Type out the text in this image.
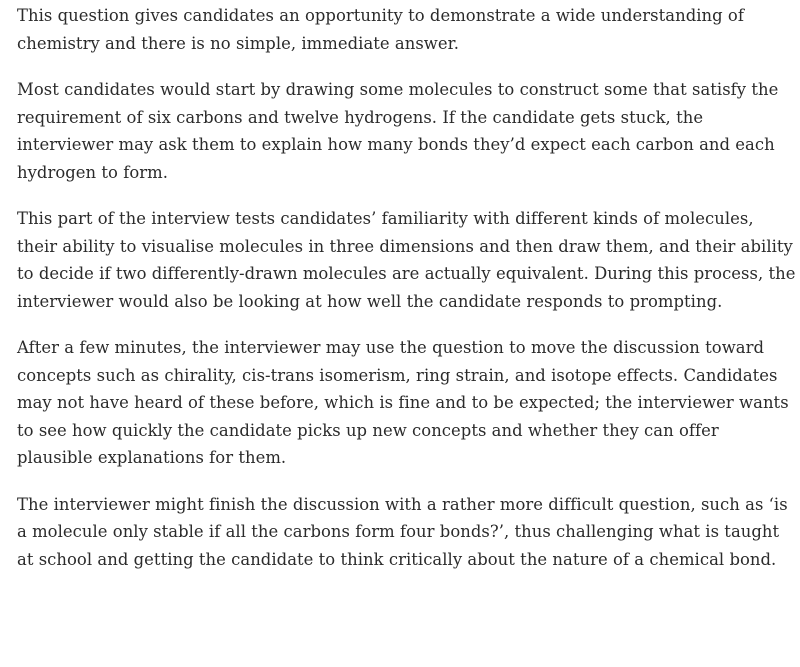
This question gives candidates an opportunity to demonstrate a wide understanding of chemistry and there is no simple, immediate answer.

Most candidates would start by drawing some molecules to construct some that satisfy the requirement of six carbons and twelve hydrogens. If the candidate gets stuck, the interviewer may ask them to explain how many bonds they’d expect each carbon and each hydrogen to form.

This part of the interview tests candidates’ familiarity with different kinds of molecules, their ability to visualise molecules in three dimensions and then draw them, and their ability to decide if two differently-drawn molecules are actually equivalent. During this process, the interviewer would also be looking at how well the candidate responds to prompting.

After a few minutes, the interviewer may use the question to move the discussion toward concepts such as chirality, cis-trans isomerism, ring strain, and isotope effects. Candidates may not have heard of these before, which is fine and to be expected; the interviewer wants to see how quickly the candidate picks up new concepts and whether they can offer plausible explanations for them.

The interviewer might finish the discussion with a rather more difficult question, such as ‘is a molecule only stable if all the carbons form four bonds?’, thus challenging what is taught at school and getting the candidate to think critically about the nature of a chemical bond.
